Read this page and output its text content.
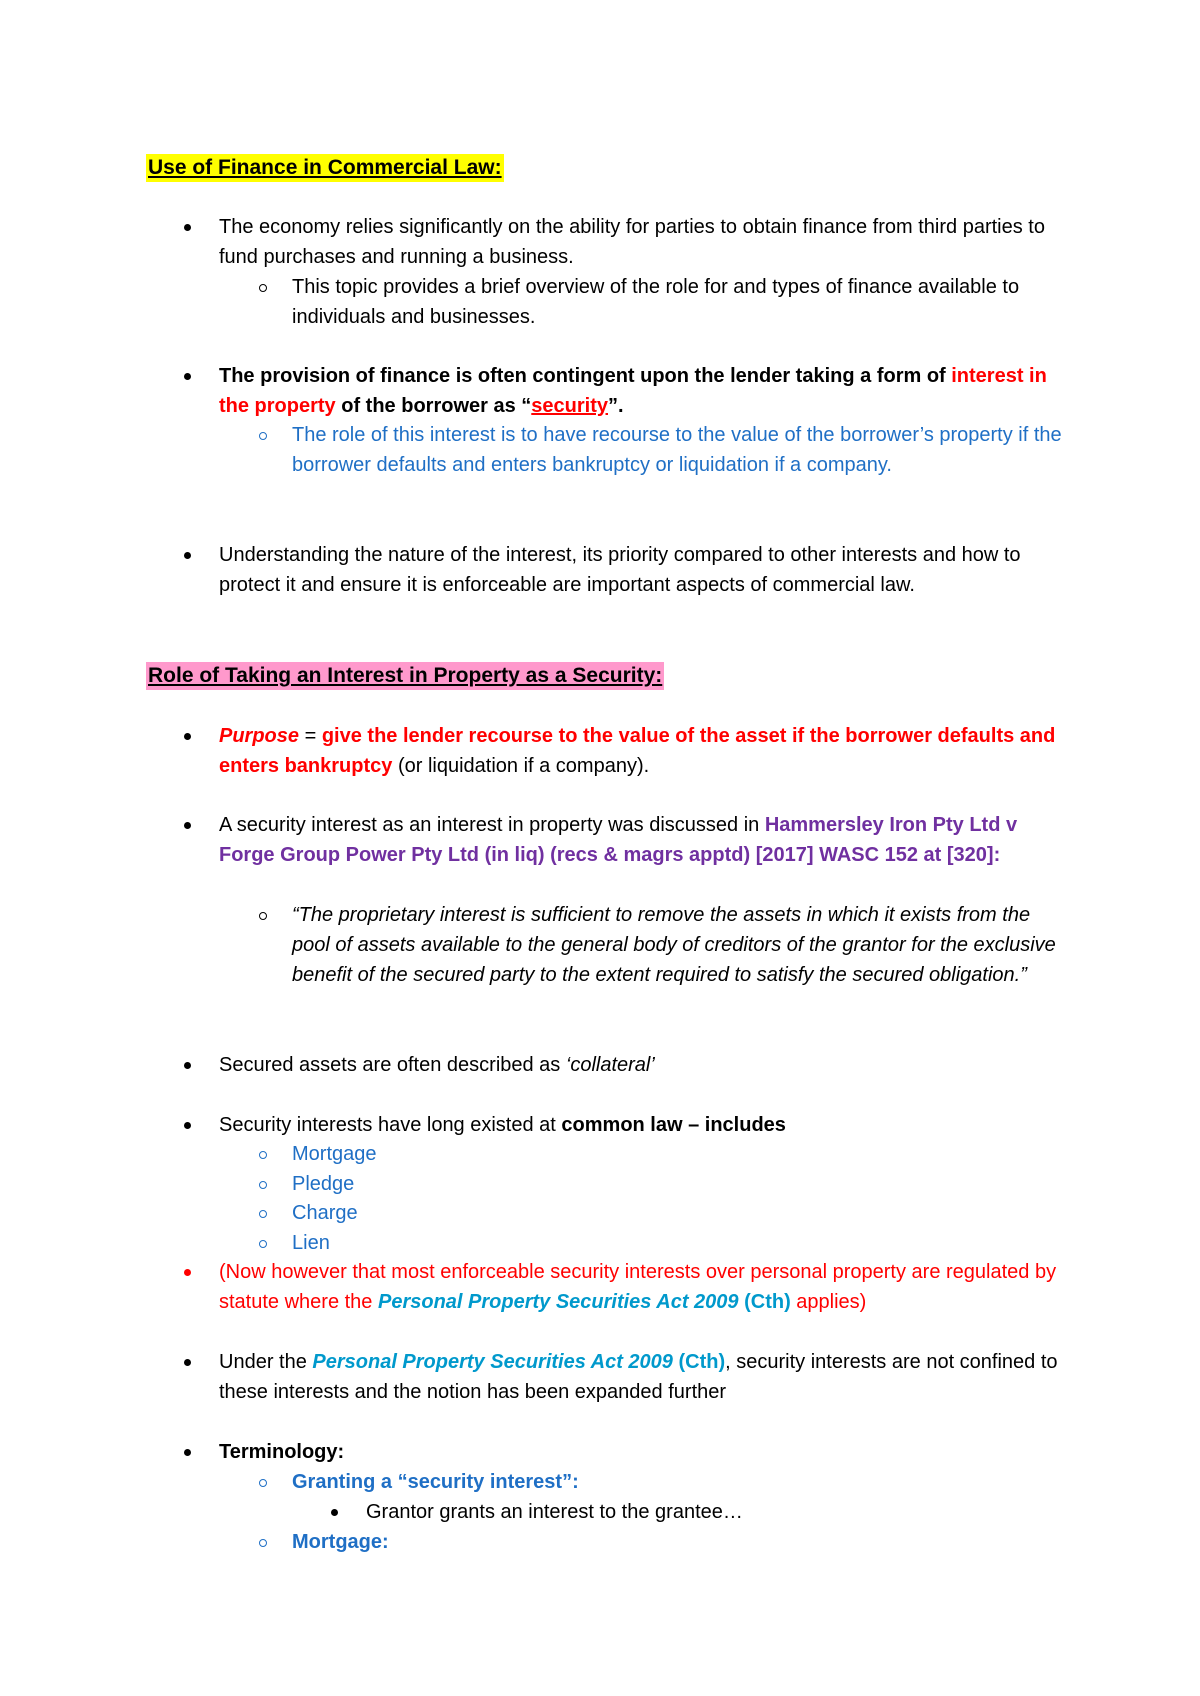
Use of Finance in Commercial Law:
The economy relies significantly on the ability for parties to obtain finance from third parties to fund purchases and running a business.
This topic provides a brief overview of the role for and types of finance available to individuals and businesses.
The provision of finance is often contingent upon the lender taking a form of interest in the property of the borrower as “security”.
The role of this interest is to have recourse to the value of the borrower’s property if the borrower defaults and enters bankruptcy or liquidation if a company.
Understanding the nature of the interest, its priority compared to other interests and how to protect it and ensure it is enforceable are important aspects of commercial law.
Role of Taking an Interest in Property as a Security:
Purpose = give the lender recourse to the value of the asset if the borrower defaults and enters bankruptcy (or liquidation if a company).
A security interest as an interest in property was discussed in Hammersley Iron Pty Ltd v Forge Group Power Pty Ltd (in liq) (recs & magrs apptd) [2017] WASC 152 at [320]:
“The proprietary interest is sufficient to remove the assets in which it exists from the pool of assets available to the general body of creditors of the grantor for the exclusive benefit of the secured party to the extent required to satisfy the secured obligation.”
Secured assets are often described as ‘collateral’
Security interests have long existed at common law – includes
Mortgage
Pledge
Charge
Lien
(Now however that most enforceable security interests over personal property are regulated by statute where the Personal Property Securities Act 2009 (Cth) applies)
Under the Personal Property Securities Act 2009 (Cth), security interests are not confined to these interests and the notion has been expanded further
Terminology:
Granting a “security interest”:
Grantor grants an interest to the grantee…
Mortgage:
